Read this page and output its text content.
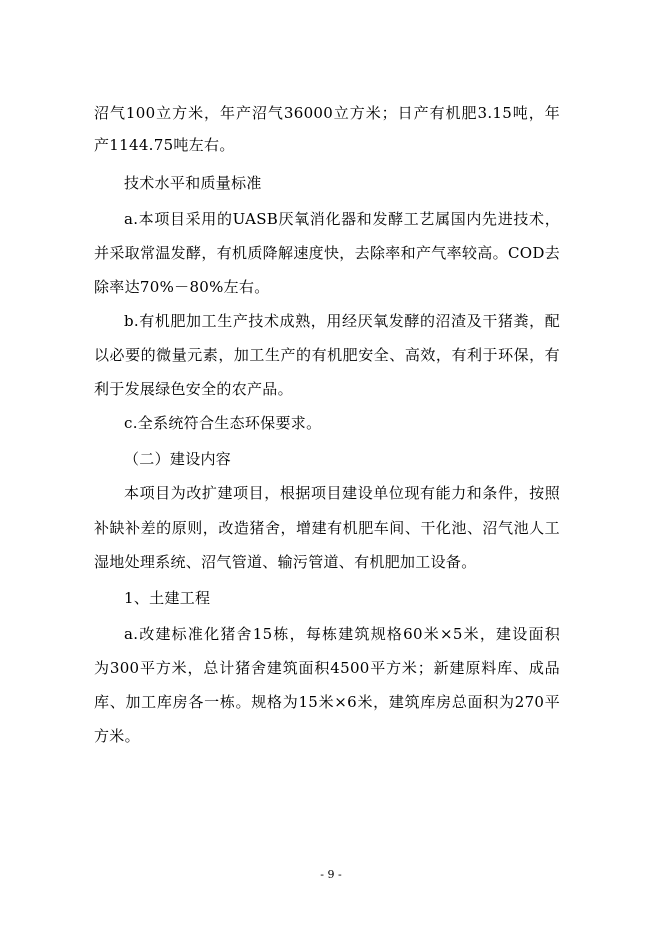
沼气100立方米，年产沼气36000立方米；日产有机肥3.15吨，年
产1144.75吨左右。
技术水平和质量标准
a.本项目采用的UASB厌氧消化器和发酵工艺属国内先进技术，
并采取常温发酵，有机质降解速度快，去除率和产气率较高。COD去
除率达70%－80%左右。
b.有机肥加工生产技术成熟，用经厌氧发酵的沼渣及干猪粪，配
以必要的微量元素，加工生产的有机肥安全、高效，有利于环保，有
利于发展绿色安全的农产品。
c.全系统符合生态环保要求。
（二）建设内容
本项目为改扩建项目，根据项目建设单位现有能力和条件，按照
补缺补差的原则，改造猪舍，增建有机肥车间、干化池、沼气池人工
湿地处理系统、沼气管道、输污管道、有机肥加工设备。
1、土建工程
a.改建标准化猪舍15栋，每栋建筑规格60米×5米，建设面积
为300平方米，总计猪舍建筑面积4500平方米；新建原料库、成品
库、加工库房各一栋。规格为15米×6米，建筑库房总面积为270平
方米。
- 9 -
